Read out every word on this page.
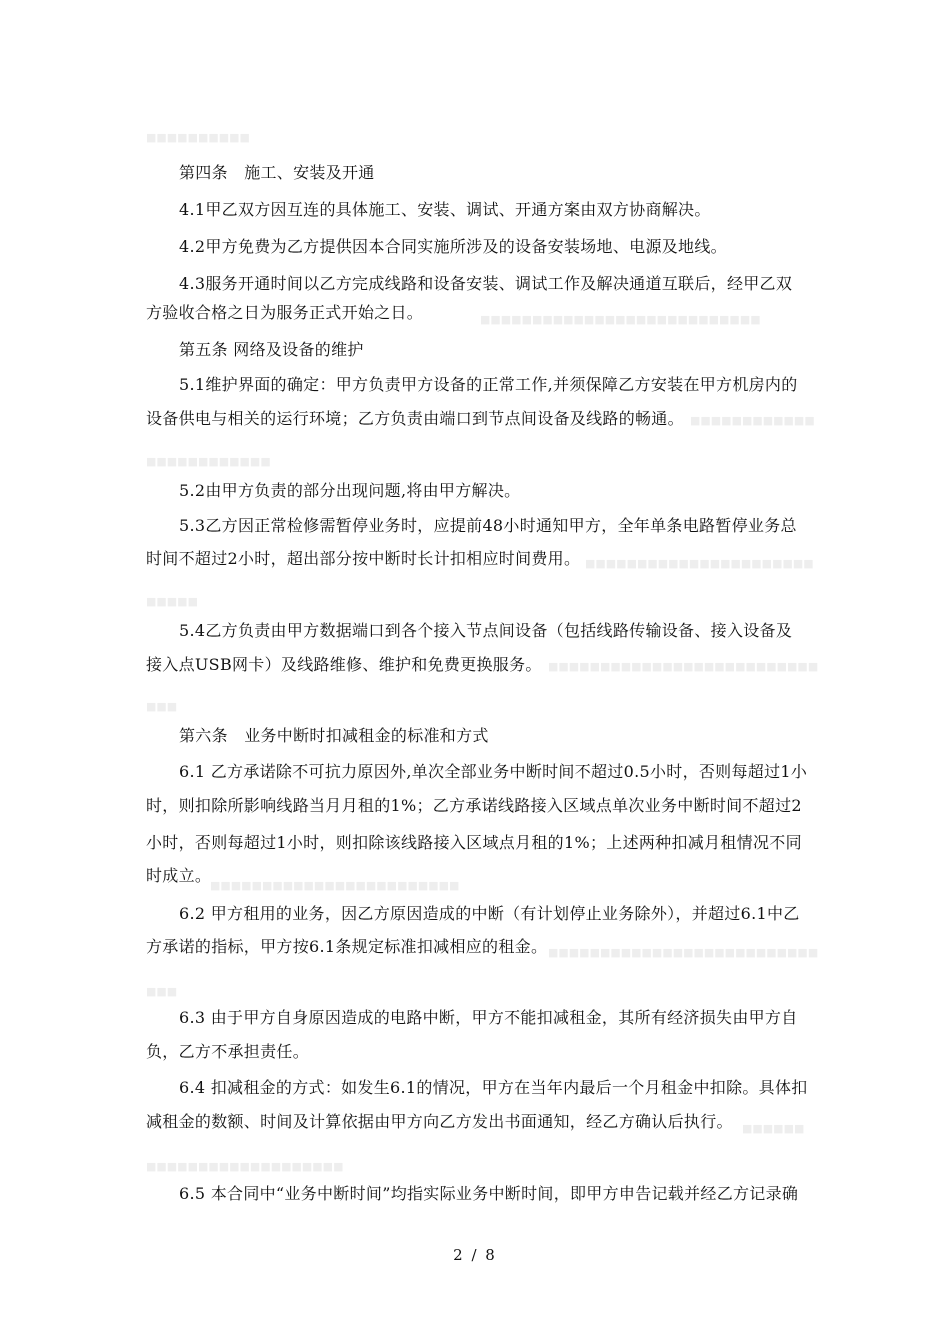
■■■■■■■■■■
■■■■■■■■■■■■■■■■■■■■■■■■■■■
■■■■■■■■■■■■
■■■■■■■■■■■■
■■■■■■■■■■■■■■■■■■■■■■
■■■■■
■■■■■■■■■■■■■■■■■■■■■■■■■■
■■■
■■■■■■■■■■■■■■■■■■■■■■■■
■■■■■■■■■■■■■■■■■■■■■■■■■■
■■■
■■■■■■
■■■■■■■■■■■■■■■■■■■
第四条　施工、安装及开通
4.1甲乙双方因互连的具体施工、安装、调试、开通方案由双方协商解决。
4.2甲方免费为乙方提供因本合同实施所涉及的设备安装场地、电源及地线。
4.3服务开通时间以乙方完成线路和设备安装、调试工作及解决通道互联后，经甲乙双
方验收合格之日为服务正式开始之日。
第五条 网络及设备的维护
5.1维护界面的确定：甲方负责甲方设备的正常工作,并须保障乙方安装在甲方机房内的
设备供电与相关的运行环境；乙方负责由端口到节点间设备及线路的畅通。
5.2由甲方负责的部分出现问题,将由甲方解决。
5.3乙方因正常检修需暂停业务时，应提前48小时通知甲方，全年单条电路暂停业务总
时间不超过2小时，超出部分按中断时长计扣相应时间费用。
5.4乙方负责由甲方数据端口到各个接入节点间设备（包括线路传输设备、接入设备及
接入点USB网卡）及线路维修、维护和免费更换服务。
第六条　业务中断时扣减租金的标准和方式
6.1 乙方承诺除不可抗力原因外,单次全部业务中断时间不超过0.5小时，否则每超过1小
时，则扣除所影响线路当月月租的1%；乙方承诺线路接入区域点单次业务中断时间不超过2
小时，否则每超过1小时，则扣除该线路接入区域点月租的1%；上述两种扣减月租情况不同
时成立。
6.2 甲方租用的业务，因乙方原因造成的中断（有计划停止业务除外），并超过6.1中乙
方承诺的指标，甲方按6.1条规定标准扣减相应的租金。
6.3 由于甲方自身原因造成的电路中断，甲方不能扣减租金，其所有经济损失由甲方自
负，乙方不承担责任。
6.4 扣减租金的方式：如发生6.1的情况，甲方在当年内最后一个月租金中扣除。具体扣
减租金的数额、时间及计算依据由甲方向乙方发出书面通知，经乙方确认后执行。
6.5 本合同中“业务中断时间”均指实际业务中断时间，即甲方申告记载并经乙方记录确
2 / 8
